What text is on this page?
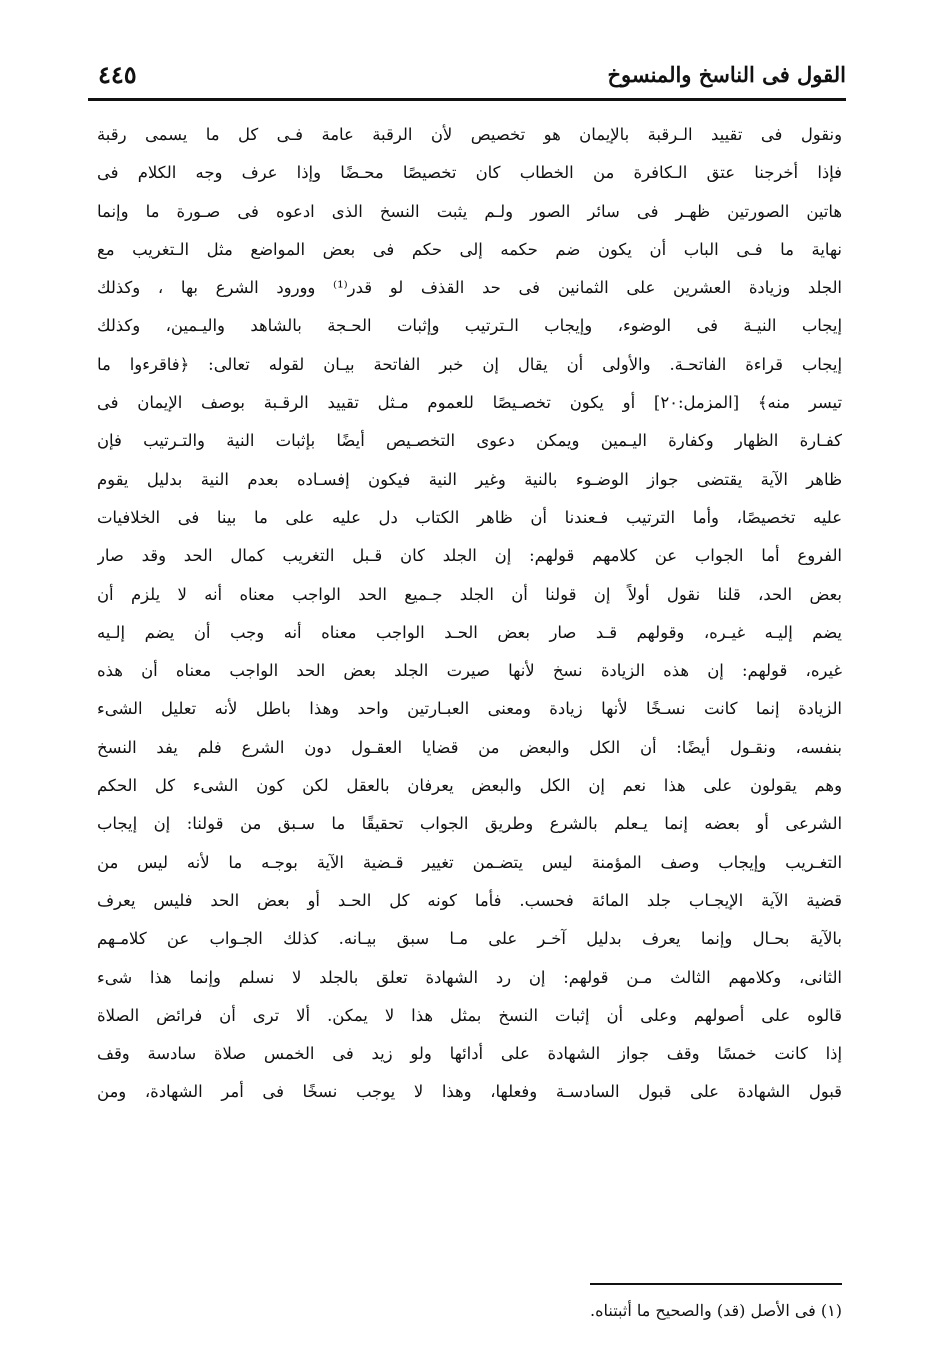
القول فى الناسخ والمنسوخ
٤٤٥
ونقول فى تقييد الـرقبة بالإيمان هو تخصيص لأن الرقبة عامة فـى كل ما يسمى رقبة
فإذا أخرجنا عتق الـكافرة من الخطاب كان تخصيصًا محـضًا وإذا عرف وجه الكلام فى
هاتين الصورتين ظهـر فى سائر الصور ولـم يثبت النسخ الذى ادعوه فى صـورة ما وإنما
نهاية ما فـى الباب أن يكون ضم حكمه إلى حكم فى بعض المواضع مثل الـتغريب مع
الجلد وزيادة العشرين على الثمانين فى حد القذف لو قدر⁽¹⁾ وورود الشرع بها ، وكذلك
إيجاب النيـة فى الوضوء، وإيجاب الـترتيب وإثبات الحـجة بالشاهد واليـمين، وكذلك
إيجاب قراءة الفاتحـة. والأولى أن يقال إن خبر الفاتحة بيـان لقوله تعالى: ﴿فاقرءوا ما
تيسر منه﴾ [المزمل:٢٠] أو يكون تخصـيصًا للعموم مـثل تقييد الرقـبة بوصف الإيمان فى
كفـارة الظهار وكفارة اليـمين ويمكن دعوى التخصـيص أيضًا بإثبات النية والتـرتيب فإن
ظاهر الآية يقتضى جواز الوضـوء بالنية وغير النية فيكون إفسـاده بعدم النية بدليل يقوم
عليه تخصيصًا، وأما الترتيب فـعندنا أن ظاهر الكتاب دل عليه على ما بينا فى الخلافيات
الفروع أما الجواب عن كلامهم قولهم: إن الجلد كان قـبل التغريب كمال الحد وقد صار
بعض الحد، قلنا نقول أولاً إن قولنا أن الجلد جـميع الحد الواجب معناه أنه لا يلزم أن
يضم إليـه غيـره، وقولهم قـد صار بعض الحـد الواجب معناه أنه وجب أن يضم إلـيه
غيره، قولهم: إن هذه الزيادة نسخ لأنها صيرت الجلد بعض الحد الواجب معناه أن هذه
الزيادة إنما كانت نسـخًا لأنها زيادة ومعنى العبـارتين واحد وهذا باطل لأنه تعليل الشىء
بنفسه، ونقـول أيضًا: أن الكل والبعض من قضايا العقـول دون الشرع فلم يفد النسخ
وهم يقولون على هذا نعم إن الكل والبعض يعرفان بالعقل لكن كون الشىء كل الحكم
الشرعى أو بعضه إنما يـعلم بالشرع وطريق الجواب تحقيقًا ما سـبق من قولنا: إن إيجاب
التغـريب وإيجاب وصف المؤمنة ليس يتضـمن تغيير قـضية الآية بوجـه ما لأنه ليس من
قضية الآية الإيجـاب جلد المائة فحسب. فأما كونه كل الحـد أو بعض الحد فليس يعرف
بالآية بحـال وإنما يعرف بدليل آخـر على مـا سبق بيـانه. كذلك الجـواب عن كلامـهم
الثانى، وكلامهم الثالث مـن قولهم: إن رد الشهادة تعلق بالجلد لا نسلم وإنما هذا شىء
قالوه على أصولهم وعلى أن إثبات النسخ بمثل هذا لا يمكن. ألا ترى أن فرائض الصلاة
إذا كانت خمسًا وقف جواز الشهادة على أدائها ولو زيد فى الخمس صلاة سادسة وقف
قبول الشهادة على قبول السادسـة وفعلها، وهذا لا يوجب نسخًا فى أمر الشهادة، ومن
(١) فى الأصل (قد) والصحيح ما أثبتناه.
